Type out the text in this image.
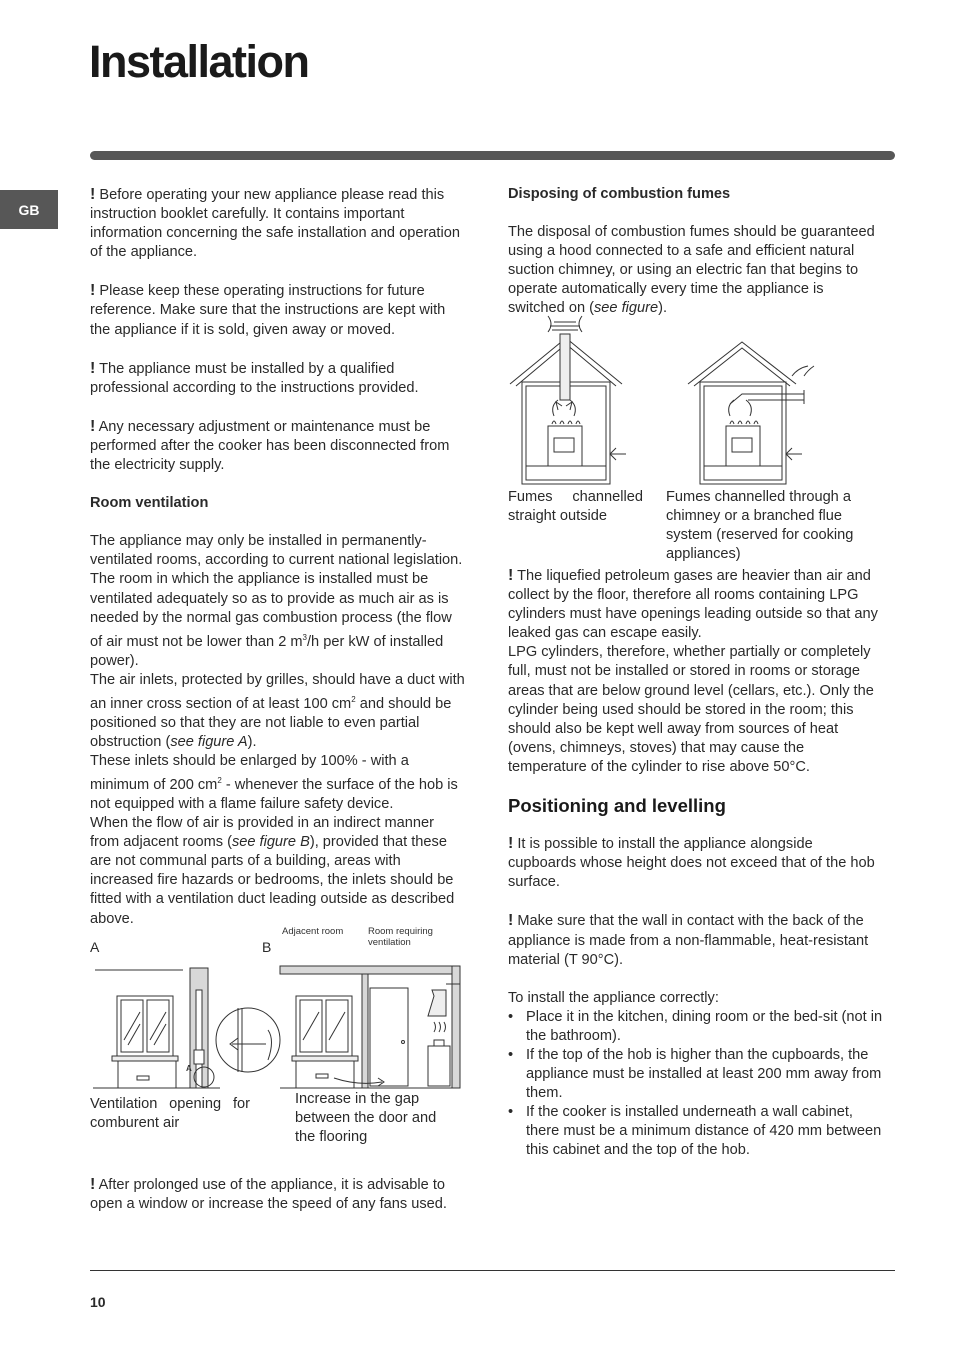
Installation
GB

! Before operating your new appliance please read this instruction booklet carefully. It contains important information concerning the safe installation and operation of the appliance.

! Please keep these operating instructions for future reference. Make sure that the instructions are kept with the appliance if it is sold, given away or moved.

! The appliance must be installed by a qualified professional according to the instructions provided.

! Any necessary adjustment or maintenance must be performed after the cooker has been disconnected from the electricity supply.

Room ventilation

The appliance may only be installed in permanently-ventilated rooms, according to current national legislation. The room in which the appliance is installed must be ventilated adequately so as to provide as much air as is needed by the normal gas combustion process (the flow of air must not be lower than 2 $m^3/h$ per kW of installed power).

The air inlets, protected by grilles, should have a duct with an inner cross section of at least 100 $cm^2$ and should be positioned so that they are not liable to even partial obstruction (see figure A).

These inlets should be enlarged by 100% - with a minimum of 200 $cm^2$ - whenever the surface of the hob is not equipped with a flame failure safety device.

When the flow of air is provided in an indirect manner from adjacent rooms (see figure B), provided that these are not communal parts of a building, areas with increased fire hazards or bedrooms, the inlets should be fitted with a ventilation duct leading outside as described above.

A	B
Adjacent room	Room requiring ventilation
A
Ventilation opening for comburent air
Increase in the gap between the door and the flooring

! After prolonged use of the appliance, it is advisable to open a window or increase the speed of any fans used.

Disposing of combustion fumes

The disposal of combustion fumes should be guaranteed using a hood connected to a safe and efficient natural suction chimney, or using an electric fan that begins to operate automatically every time the appliance is switched on (see figure).

Fumes channelled straight outside
Fumes channelled through a chimney or a branched flue system (reserved for cooking appliances)

! The liquefied petroleum gases are heavier than air and collect by the floor, therefore all rooms containing LPG cylinders must have openings leading outside so that any leaked gas can escape easily.

LPG cylinders, therefore, whether partially or completely full, must not be installed or stored in rooms or storage areas that are below ground level (cellars, etc.). Only the cylinder being used should be stored in the room; this should also be kept well away from sources of heat (ovens, chimneys, stoves) that may cause the temperature of the cylinder to rise above 50°C.

Positioning and levelling

! It is possible to install the appliance alongside cupboards whose height does not exceed that of the hob surface.

! Make sure that the wall in contact with the back of the appliance is made from a non-flammable, heat-resistant material (T 90°C).

To install the appliance correctly:

• Place it in the kitchen, dining room or the bed-sit (not in the bathroom).
• If the top of the hob is higher than the cupboards, the appliance must be installed at least 200 mm away from them.
• If the cooker is installed underneath a wall cabinet, there must be a minimum distance of 420 mm between this cabinet and the top of the hob.
10
